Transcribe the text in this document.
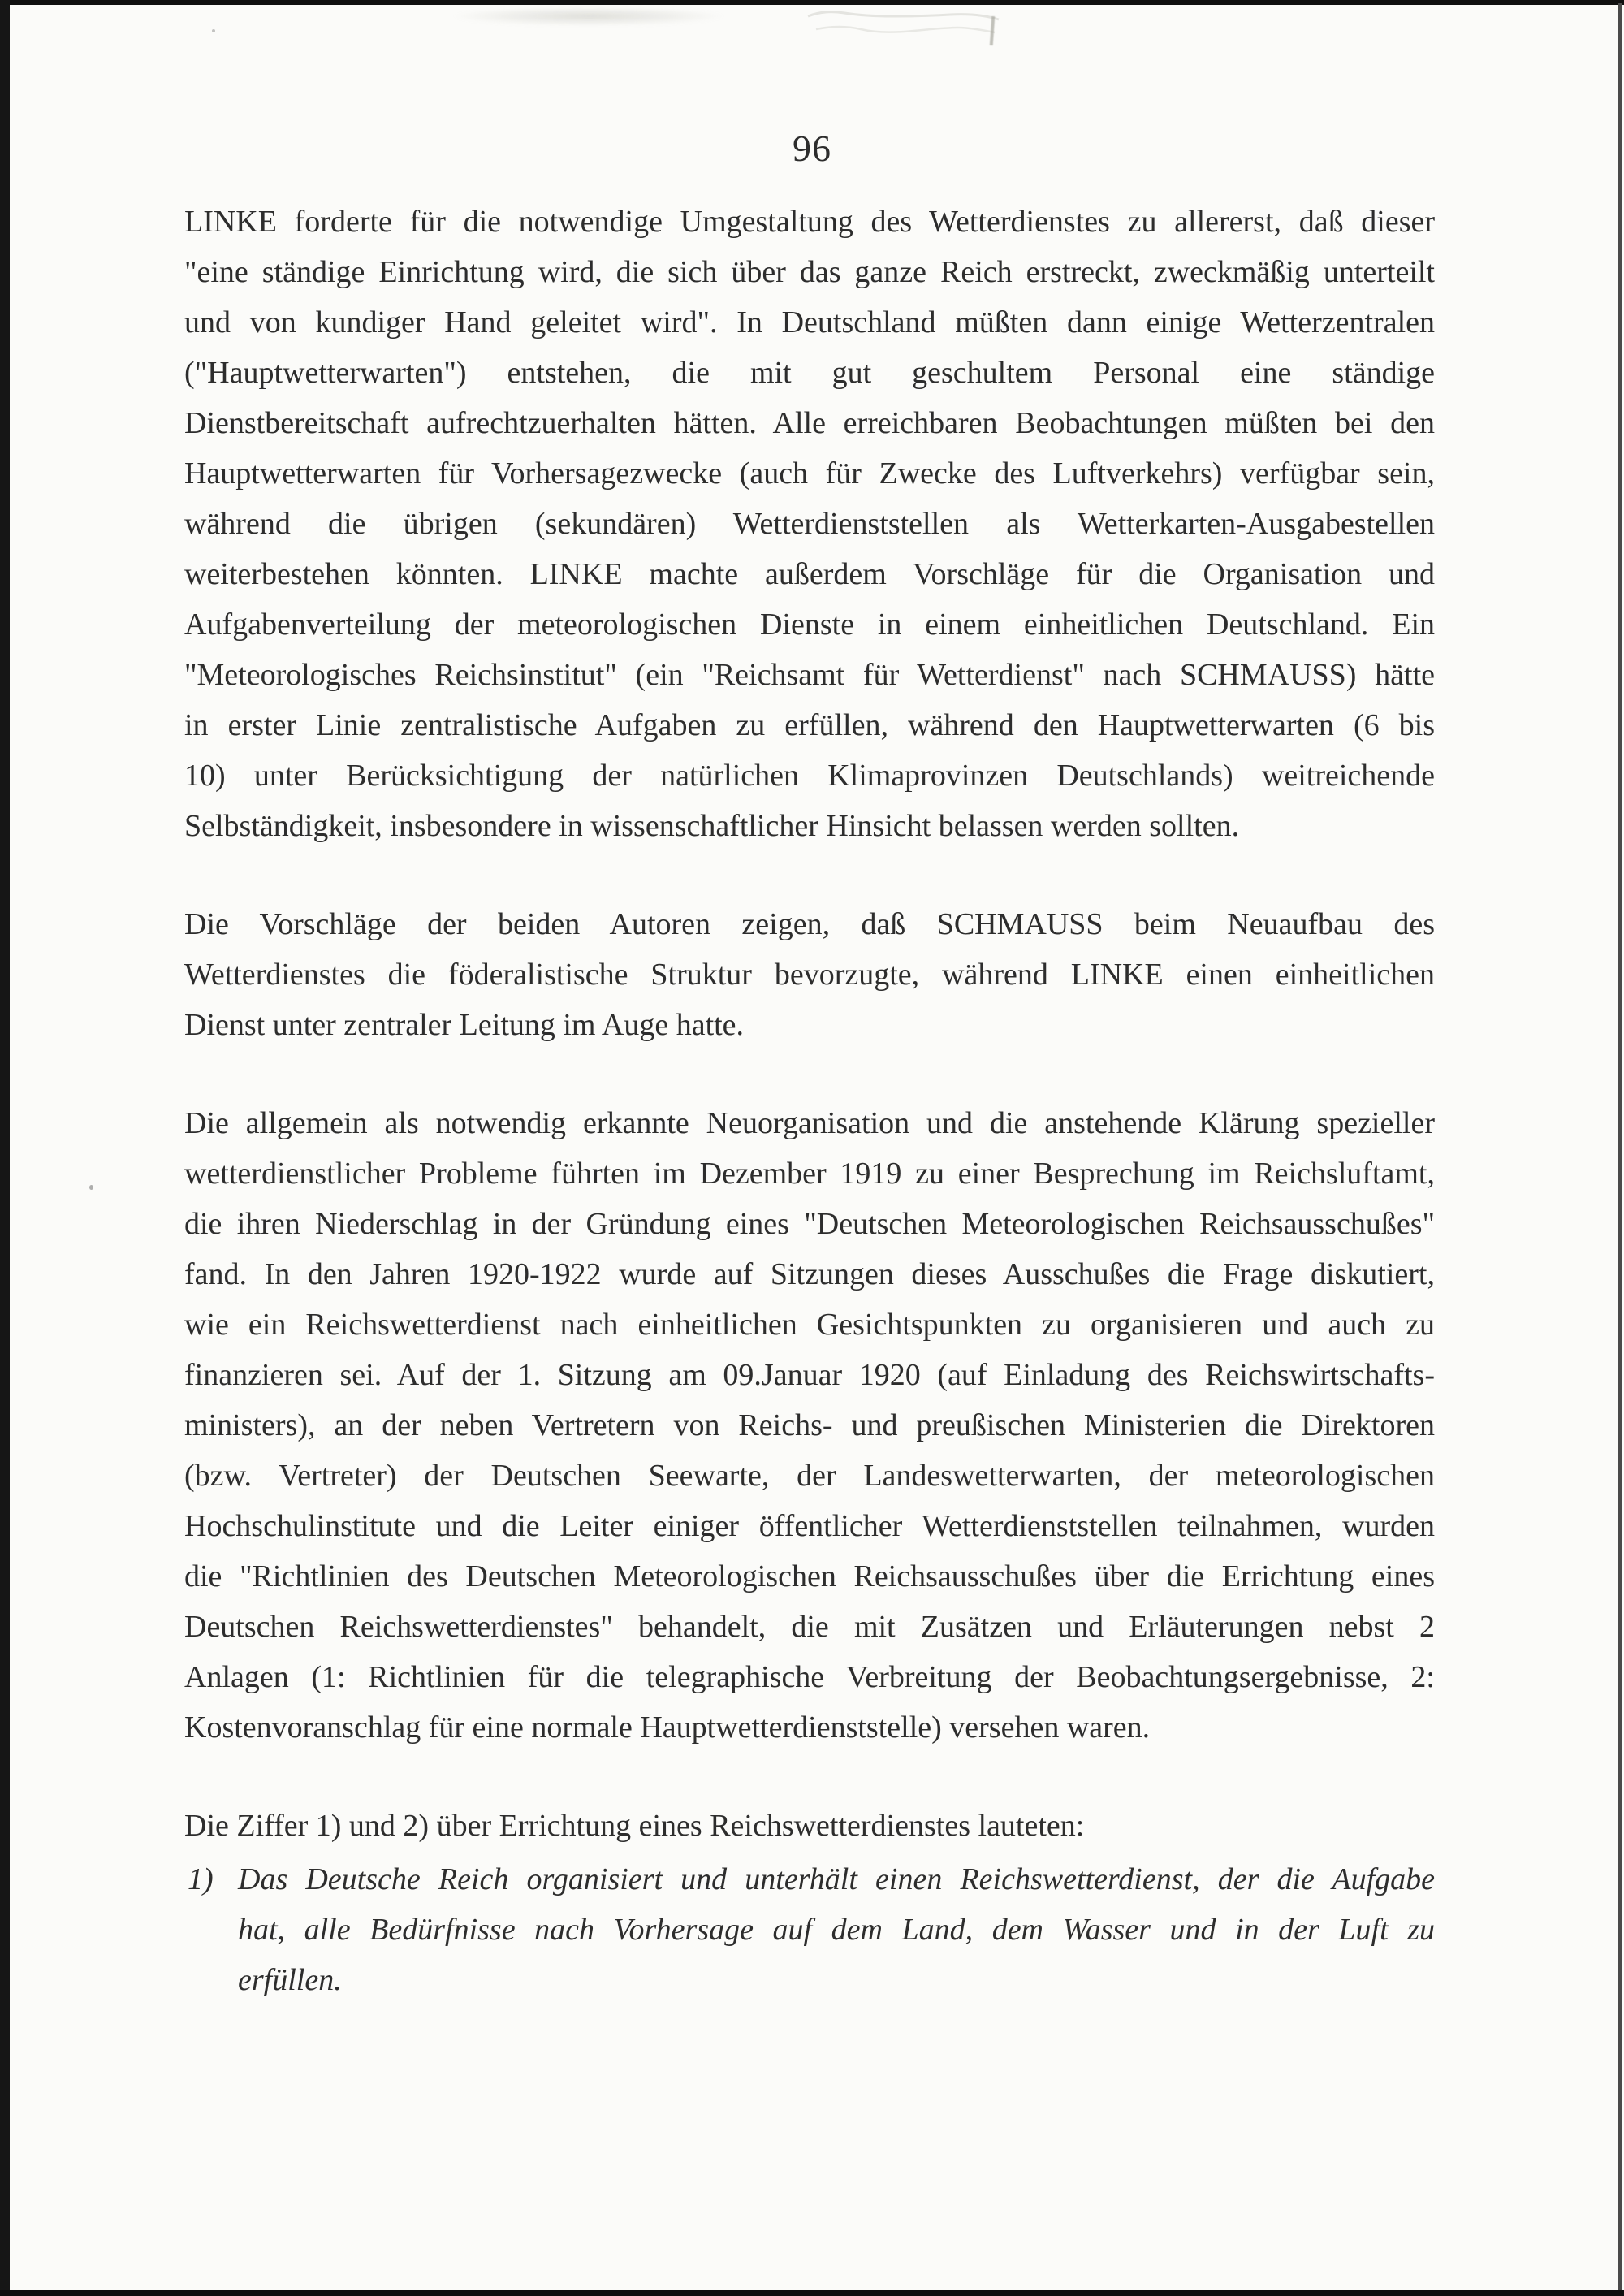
96
LINKE forderte für die notwendige Umgestaltung des Wetterdienstes zu allererst, daß dieser
"eine ständige Einrichtung wird, die sich über das ganze Reich erstreckt, zweckmäßig unterteilt
und von kundiger Hand geleitet wird". In Deutschland müßten dann einige Wetterzentralen
("Hauptwetterwarten") entstehen, die mit gut geschultem Personal eine ständige
Dienstbereitschaft aufrechtzuerhalten hätten. Alle erreichbaren Beobachtungen müßten bei den
Hauptwetterwarten für Vorhersagezwecke (auch für Zwecke des Luftverkehrs) verfügbar sein,
während die übrigen (sekundären) Wetterdienststellen als Wetterkarten-Ausgabestellen
weiterbestehen könnten. LINKE machte außerdem Vorschläge für die Organisation und
Aufgabenverteilung der meteorologischen Dienste in einem einheitlichen Deutschland. Ein
"Meteorologisches Reichsinstitut" (ein "Reichsamt für Wetterdienst" nach SCHMAUSS) hätte
in erster Linie zentralistische Aufgaben zu erfüllen, während den Hauptwetterwarten (6 bis
10) unter Berücksichtigung der natürlichen Klimaprovinzen Deutschlands) weitreichende
Selbständigkeit, insbesondere in wissenschaftlicher Hinsicht belassen werden sollten.
Die Vorschläge der beiden Autoren zeigen, daß SCHMAUSS beim Neuaufbau des
Wetterdienstes die föderalistische Struktur bevorzugte, während LINKE einen einheitlichen
Dienst unter zentraler Leitung im Auge hatte.
Die allgemein als notwendig erkannte Neuorganisation und die anstehende Klärung spezieller
wetterdienstlicher Probleme führten im Dezember 1919 zu einer Besprechung im Reichsluftamt,
die ihren Niederschlag in der Gründung eines "Deutschen Meteorologischen Reichsausschußes"
fand. In den Jahren 1920-1922 wurde auf Sitzungen dieses Ausschußes die Frage diskutiert,
wie ein Reichswetterdienst nach einheitlichen Gesichtspunkten zu organisieren und auch zu
finanzieren sei. Auf der 1. Sitzung am 09.Januar 1920 (auf Einladung des Reichswirtschafts-
ministers), an der neben Vertretern von Reichs- und preußischen Ministerien die Direktoren
(bzw. Vertreter) der Deutschen Seewarte, der Landeswetterwarten, der meteorologischen
Hochschulinstitute und die Leiter einiger öffentlicher Wetterdienststellen teilnahmen, wurden
die "Richtlinien des Deutschen Meteorologischen Reichsausschußes über die Errichtung eines
Deutschen Reichswetterdienstes" behandelt, die mit Zusätzen und Erläuterungen nebst 2
Anlagen (1: Richtlinien für die telegraphische Verbreitung der Beobachtungsergebnisse, 2:
Kostenvoranschlag für eine normale Hauptwetterdienststelle) versehen waren.
Die Ziffer 1) und 2) über Errichtung eines Reichswetterdienstes lauteten:
1) Das Deutsche Reich organisiert und unterhält einen Reichswetterdienst, der die Aufgabe
hat, alle Bedürfnisse nach Vorhersage auf dem Land, dem Wasser und in der Luft zu
erfüllen.
